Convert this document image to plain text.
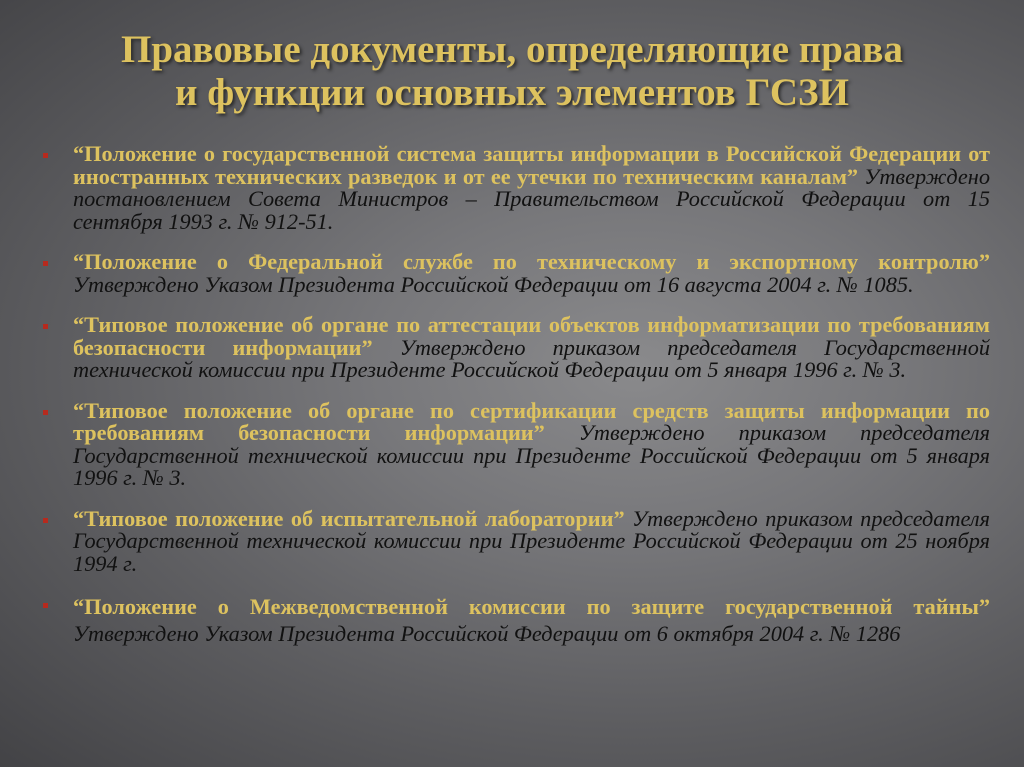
Правовые документы, определяющие права
и функции основных элементов ГСЗИ
“Положение о государственной система защиты информации в Российской Федерации от иностранных технических разведок и от ее утечки по техническим каналам” Утверждено постановлением Совета Министров – Правительством Российской Федерации от 15 сентября 1993 г. № 912-51.
“Положение о Федеральной службе по техническому и экспортному контролю” Утверждено Указом Президента Российской Федерации от 16 августа 2004 г. № 1085.
“Типовое положение об органе по аттестации объектов информатизации по требованиям безопасности информации” Утверждено приказом председателя Государственной технической комиссии при Президенте Российской Федерации от 5 января 1996 г. № 3.
“Типовое положение об органе по сертификации средств защиты информации по требованиям безопасности информации” Утверждено приказом председателя Государственной технической комиссии при Президенте Российской Федерации от 5 января 1996 г. № 3.
“Типовое положение об испытательной лаборатории” Утверждено приказом председателя Государственной технической комиссии при Президенте Российской Федерации от 25 ноября 1994 г.
“Положение о Межведомственной комиссии по защите государственной тайны” Утверждено Указом Президента Российской Федерации от 6 октября 2004 г. № 1286
